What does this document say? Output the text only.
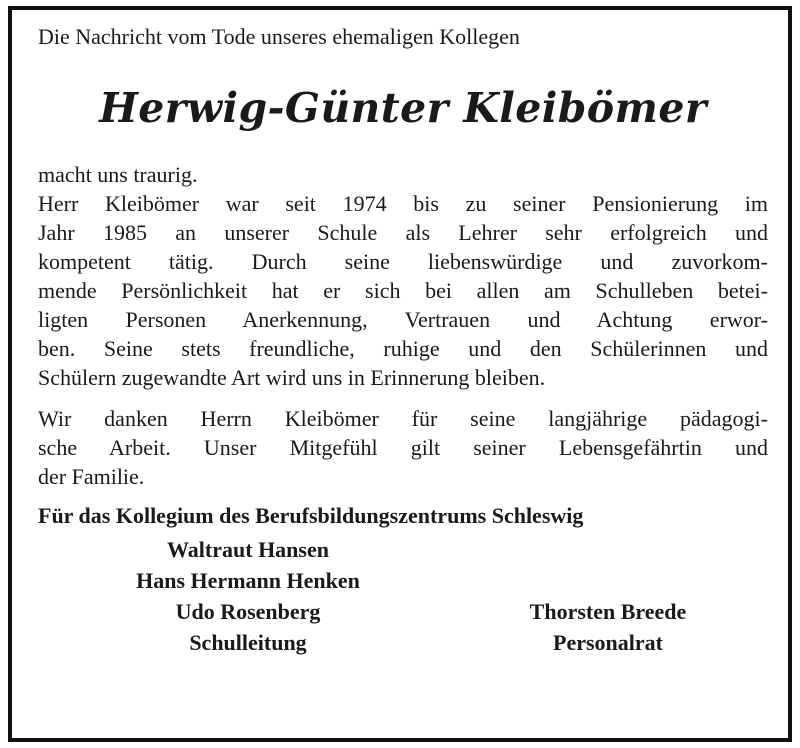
Die Nachricht vom Tode unseres ehemaligen Kollegen

Herwig-Günter Kleibömer
macht uns traurig.
Herr Kleibömer war seit 1974 bis zu seiner Pensionierung im
Jahr 1985 an unserer Schule als Lehrer sehr erfolgreich und
kompetent tätig. Durch seine liebenswürdige und zuvorkom-
mende Persönlichkeit hat er sich bei allen am Schulleben betei-
ligten Personen Anerkennung, Vertrauen und Achtung erwor-
ben. Seine stets freundliche, ruhige und den Schülerinnen und
Schülern zugewandte Art wird uns in Erinnerung bleiben.
Wir danken Herrn Kleibömer für seine langjährige pädagogi-
sche Arbeit. Unser Mitgefühl gilt seiner Lebensgefährtin und
der Familie.
Für das Kollegium des Berufsbildungszentrums Schleswig
Waltraut Hansen
Hans Hermann Henken
Udo Rosenberg
Schulleitung
Thorsten Breede
Personalrat
